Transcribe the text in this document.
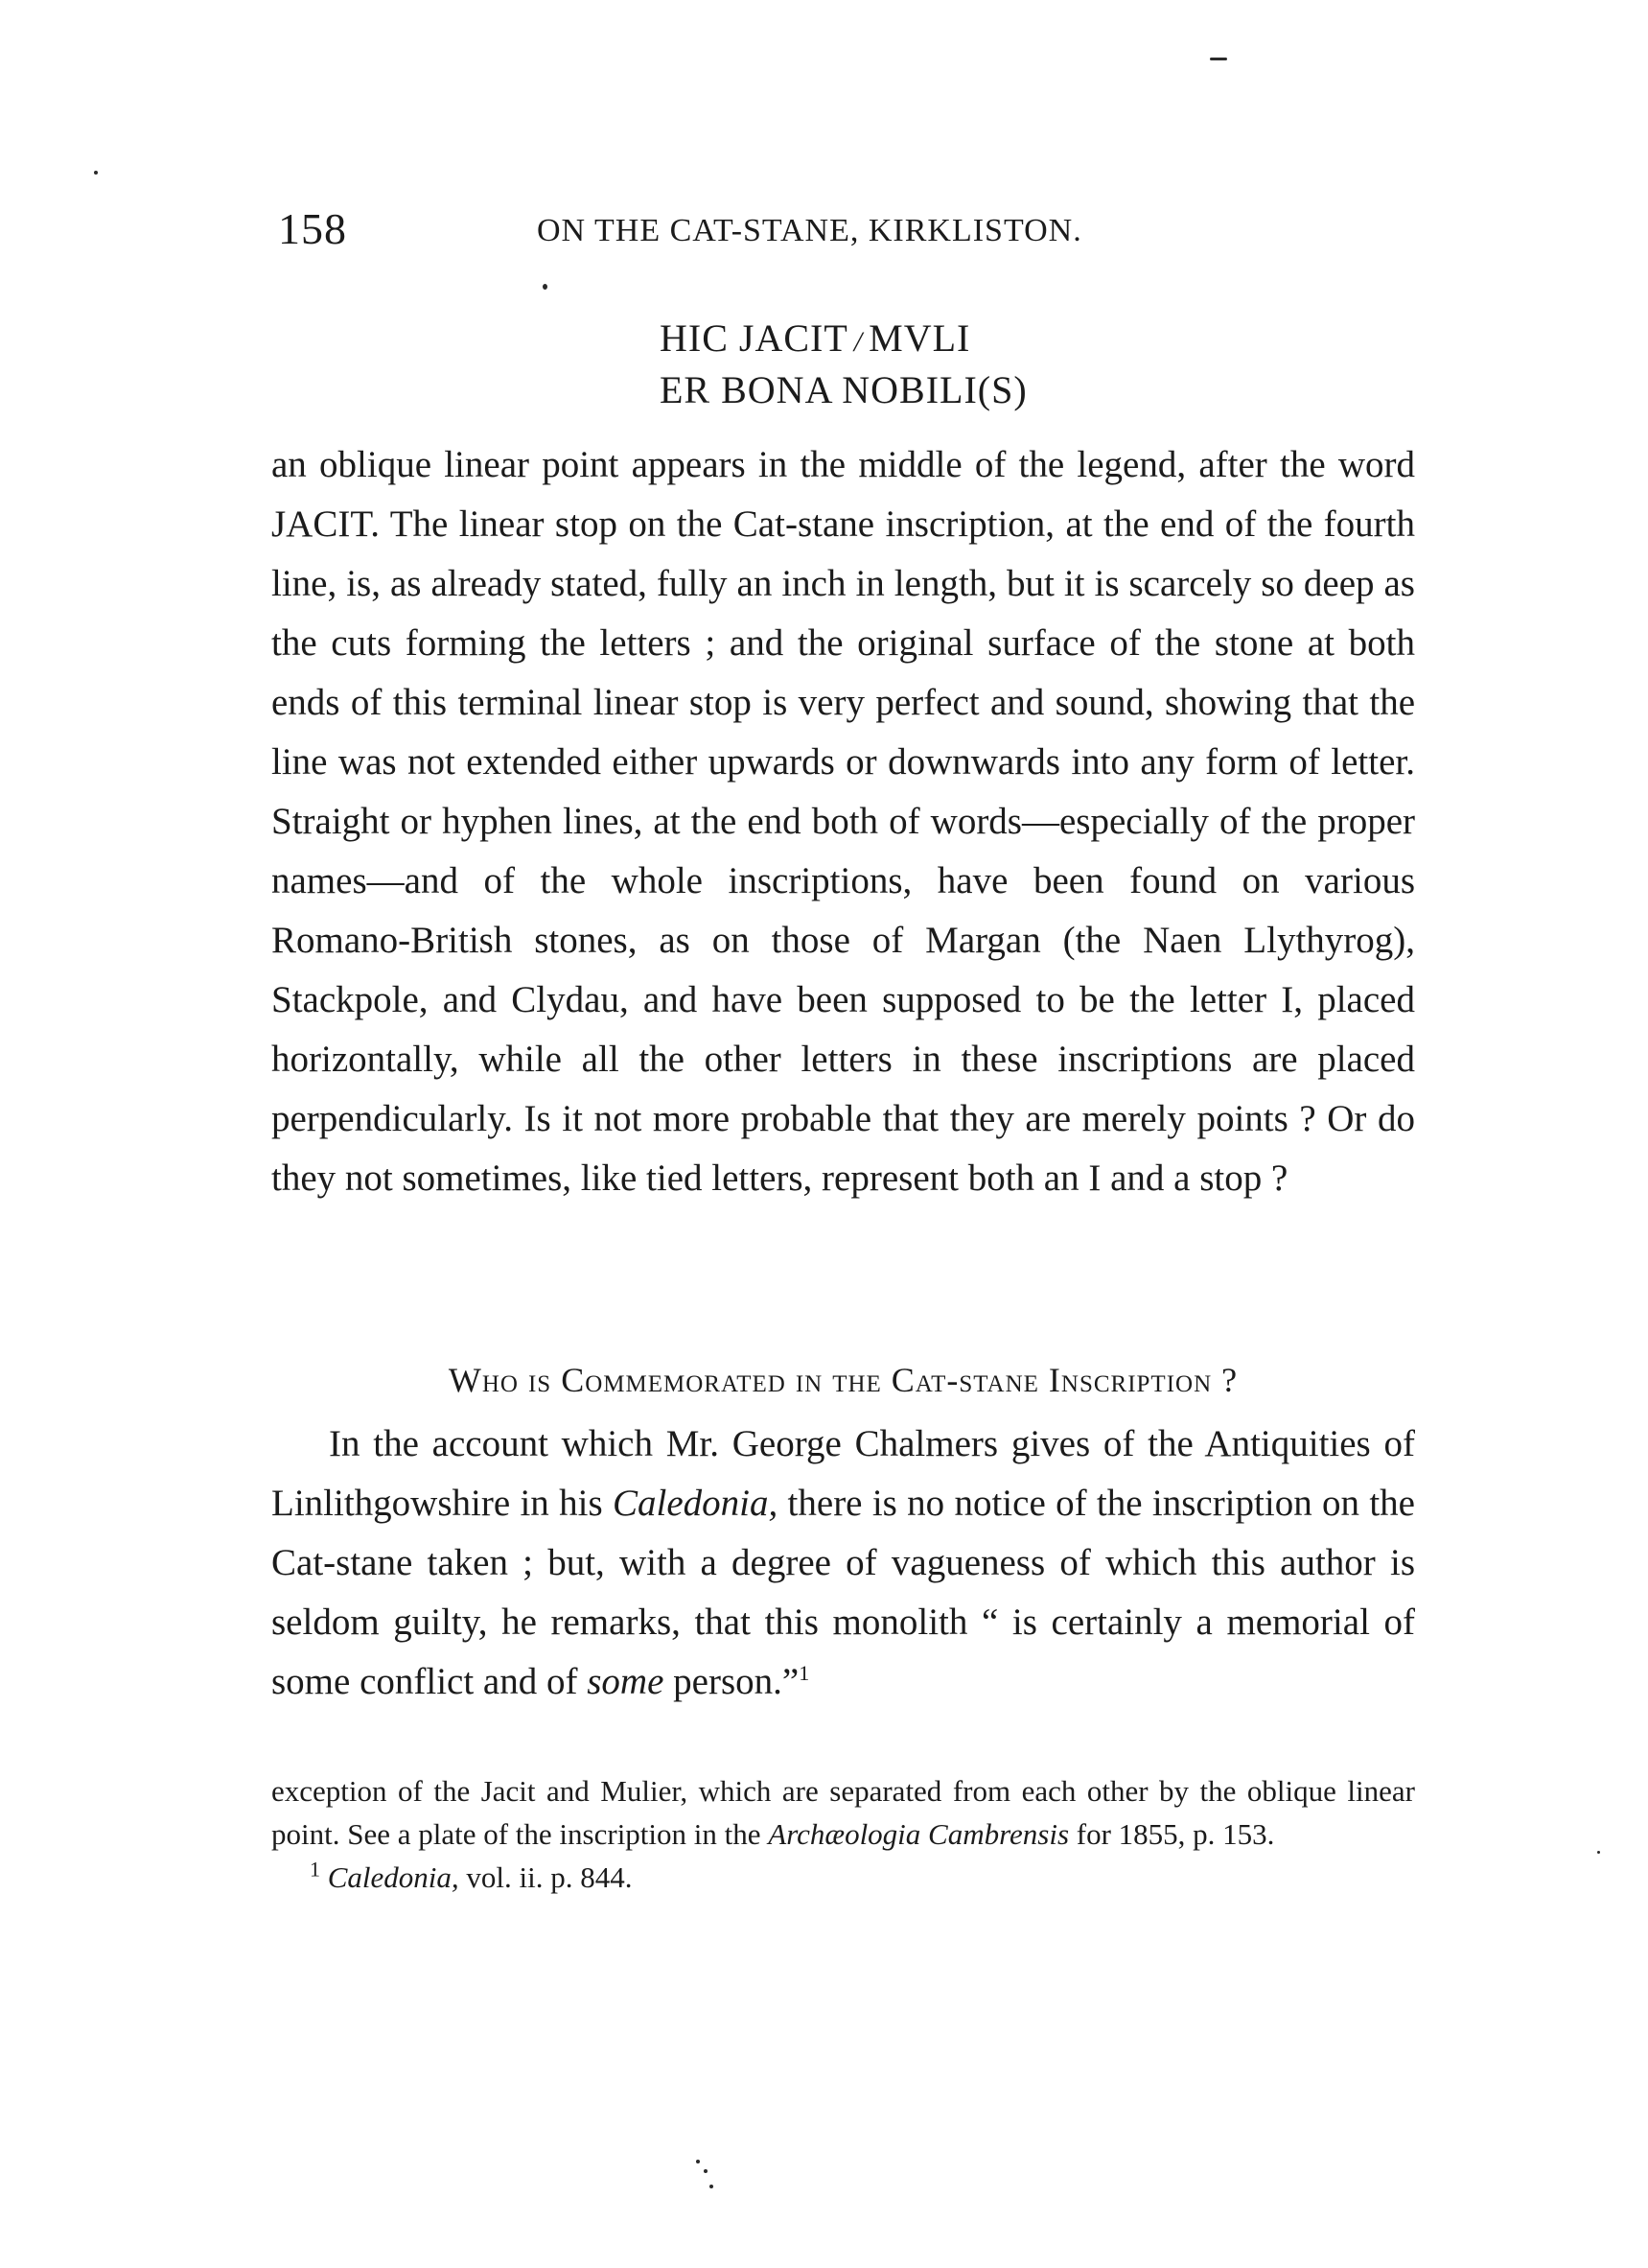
158	ON THE CAT-STANE, KIRKLISTON.
HIC JACIT / MVLI
ER BONA NOBILI(S)
an oblique linear point appears in the middle of the legend, after the word JACIT. The linear stop on the Cat-stane inscription, at the end of the fourth line, is, as already stated, fully an inch in length, but it is scarcely so deep as the cuts forming the letters ; and the original surface of the stone at both ends of this terminal linear stop is very perfect and sound, showing that the line was not extended either upwards or downwards into any form of letter. Straight or hyphen lines, at the end both of words—especially of the proper names—and of the whole inscriptions, have been found on various Romano-British stones, as on those of Margan (the Naen Llythyrog), Stackpole, and Clydau, and have been supposed to be the letter I, placed horizontally, while all the other letters in these inscriptions are placed perpendicularly. Is it not more probable that they are merely points ? Or do they not sometimes, like tied letters, represent both an I and a stop ?
Who is Commemorated in the Cat-stane Inscription ?
In the account which Mr. George Chalmers gives of the Antiquities of Linlithgowshire in his Caledonia, there is no notice of the inscription on the Cat-stane taken ; but, with a degree of vagueness of which this author is seldom guilty, he remarks, that this monolith “ is certainly a memorial of some conflict and of some person.”$^1$
exception of the Jacit and Mulier, which are separated from each other by the oblique linear point. See a plate of the inscription in the Archæologia Cambrensis for 1855, p. 153.
$^1$ Caledonia, vol. ii. p. 844.
